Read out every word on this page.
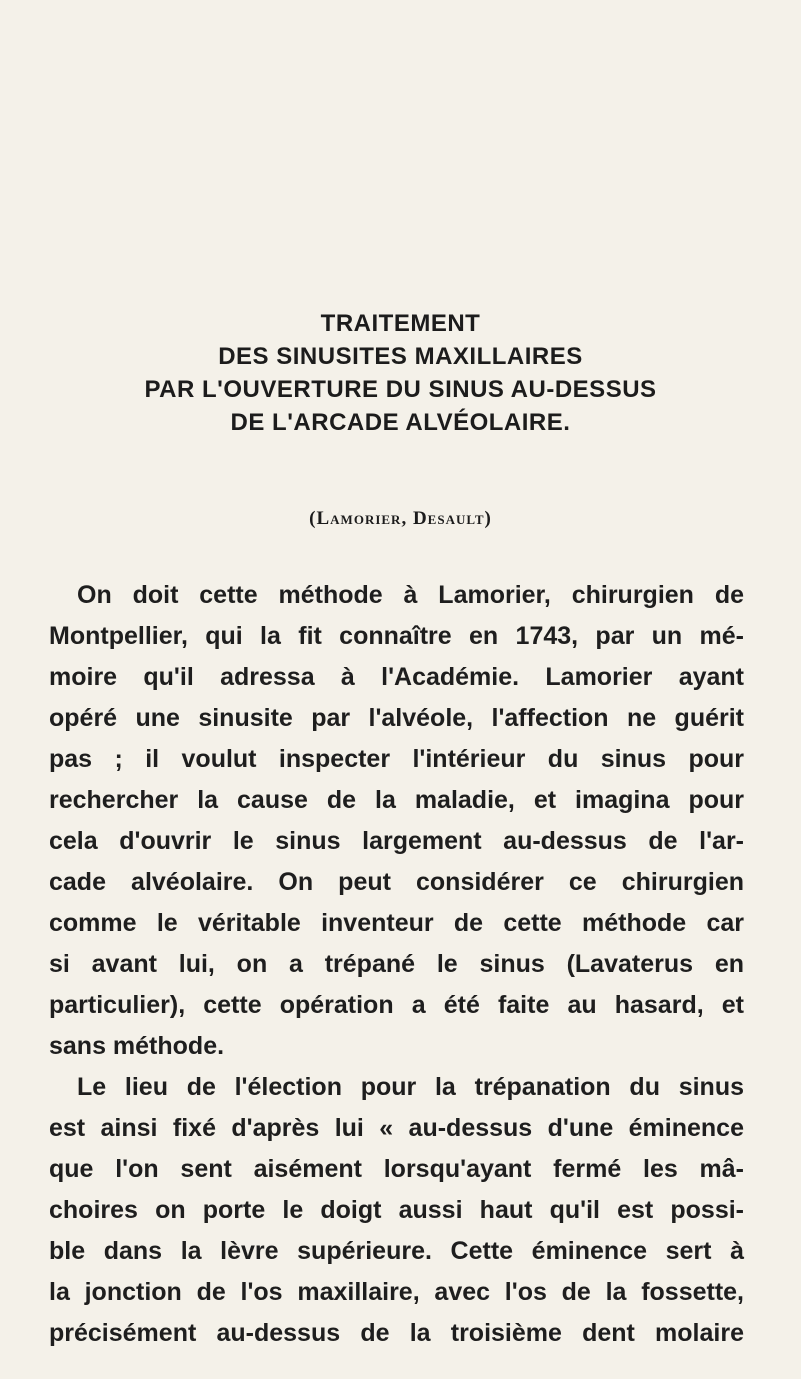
TRAITEMENT
DES SINUSITES MAXILLAIRES
PAR L'OUVERTURE DU SINUS AU-DESSUS
DE L'ARCADE ALVÉOLAIRE.
(Lamorier, Desault)
On doit cette méthode à Lamorier, chirurgien de
Montpellier, qui la fit connaître en 1743, par un mé-
moire qu'il adressa à l'Académie. Lamorier ayant
opéré une sinusite par l'alvéole, l'affection ne guérit
pas ; il voulut inspecter l'intérieur du sinus pour
rechercher la cause de la maladie, et imagina pour
cela d'ouvrir le sinus largement au-dessus de l'ar-
cade alvéolaire. On peut considérer ce chirurgien
comme le véritable inventeur de cette méthode car
si avant lui, on a trépané le sinus (Lavaterus en
particulier), cette opération a été faite au hasard, et
sans méthode.
Le lieu de l'élection pour la trépanation du sinus
est ainsi fixé d'après lui « au-dessus d'une éminence
que l'on sent aisément lorsqu'ayant fermé les mâ-
choires on porte le doigt aussi haut qu'il est possi-
ble dans la lèvre supérieure. Cette éminence sert à
la jonction de l'os maxillaire, avec l'os de la fossette,
précisément au-dessus de la troisième dent molaire
